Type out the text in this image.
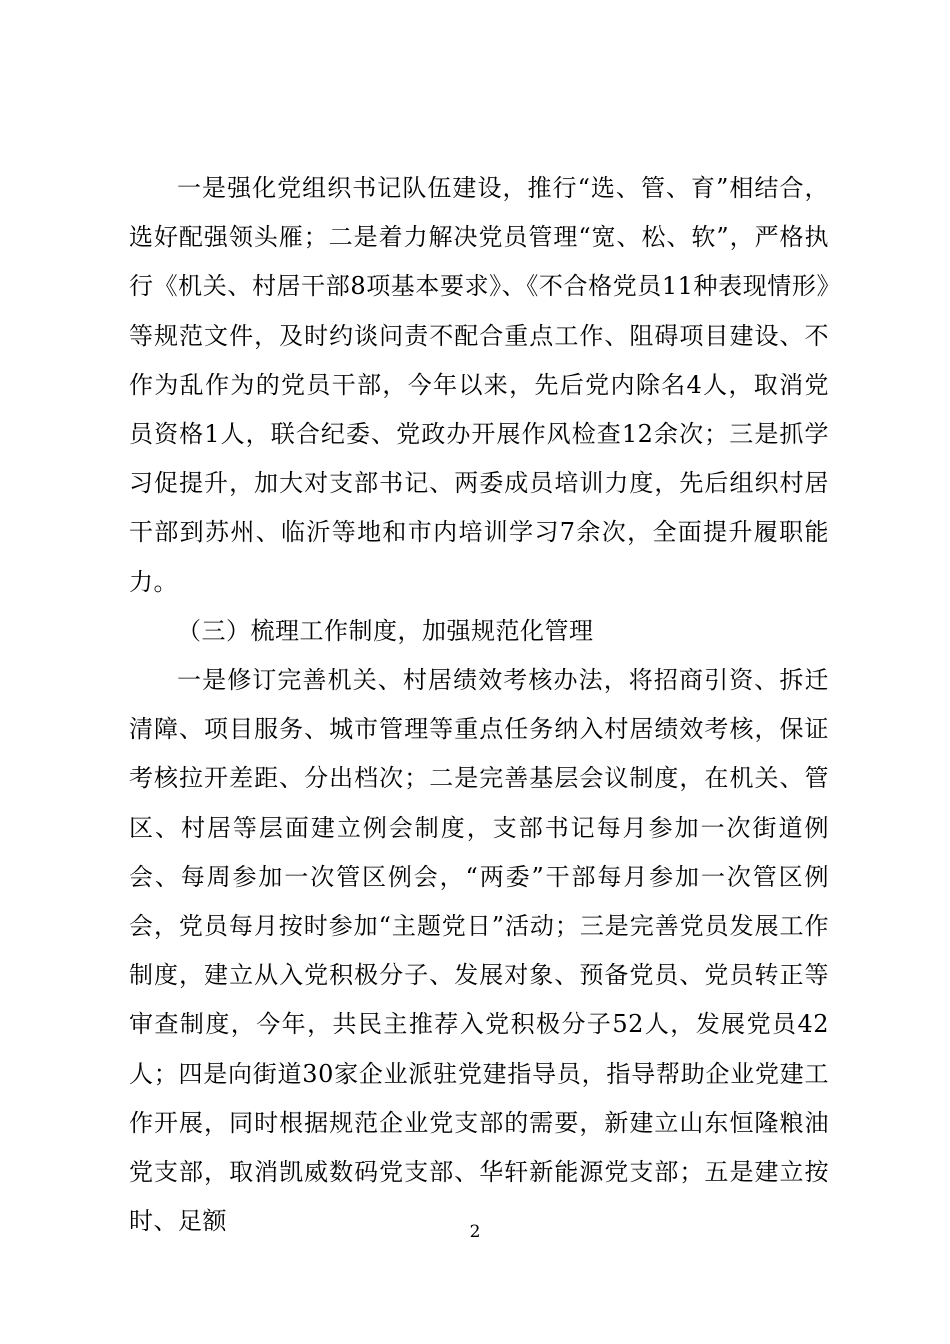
一是强化党组织书记队伍建设，推行“选、管、育”相结合，选好配强领头雁；二是着力解决党员管理“宽、松、软”，严格执行《机关、村居干部8项基本要求》、《不合格党员11种表现情形》等规范文件，及时约谈问责不配合重点工作、阻碍项目建设、不作为乱作为的党员干部，今年以来，先后党内除名4人，取消党员资格1人，联合纪委、党政办开展作风检查12余次；三是抓学习促提升，加大对支部书记、两委成员培训力度，先后组织村居干部到苏州、临沂等地和市内培训学习7余次，全面提升履职能力。

（三）梳理工作制度，加强规范化管理

一是修订完善机关、村居绩效考核办法，将招商引资、拆迁清障、项目服务、城市管理等重点任务纳入村居绩效考核，保证考核拉开差距、分出档次；二是完善基层会议制度，在机关、管区、村居等层面建立例会制度，支部书记每月参加一次街道例会、每周参加一次管区例会，“两委”干部每月参加一次管区例会，党员每月按时参加“主题党日”活动；三是完善党员发展工作制度，建立从入党积极分子、发展对象、预备党员、党员转正等审查制度，今年，共民主推荐入党积极分子52人，发展党员42人；四是向街道30家企业派驻党建指导员，指导帮助企业党建工作开展，同时根据规范企业党支部的需要，新建立山东恒隆粮油党支部，取消凯威数码党支部、华轩新能源党支部；五是建立按时、足额	2
